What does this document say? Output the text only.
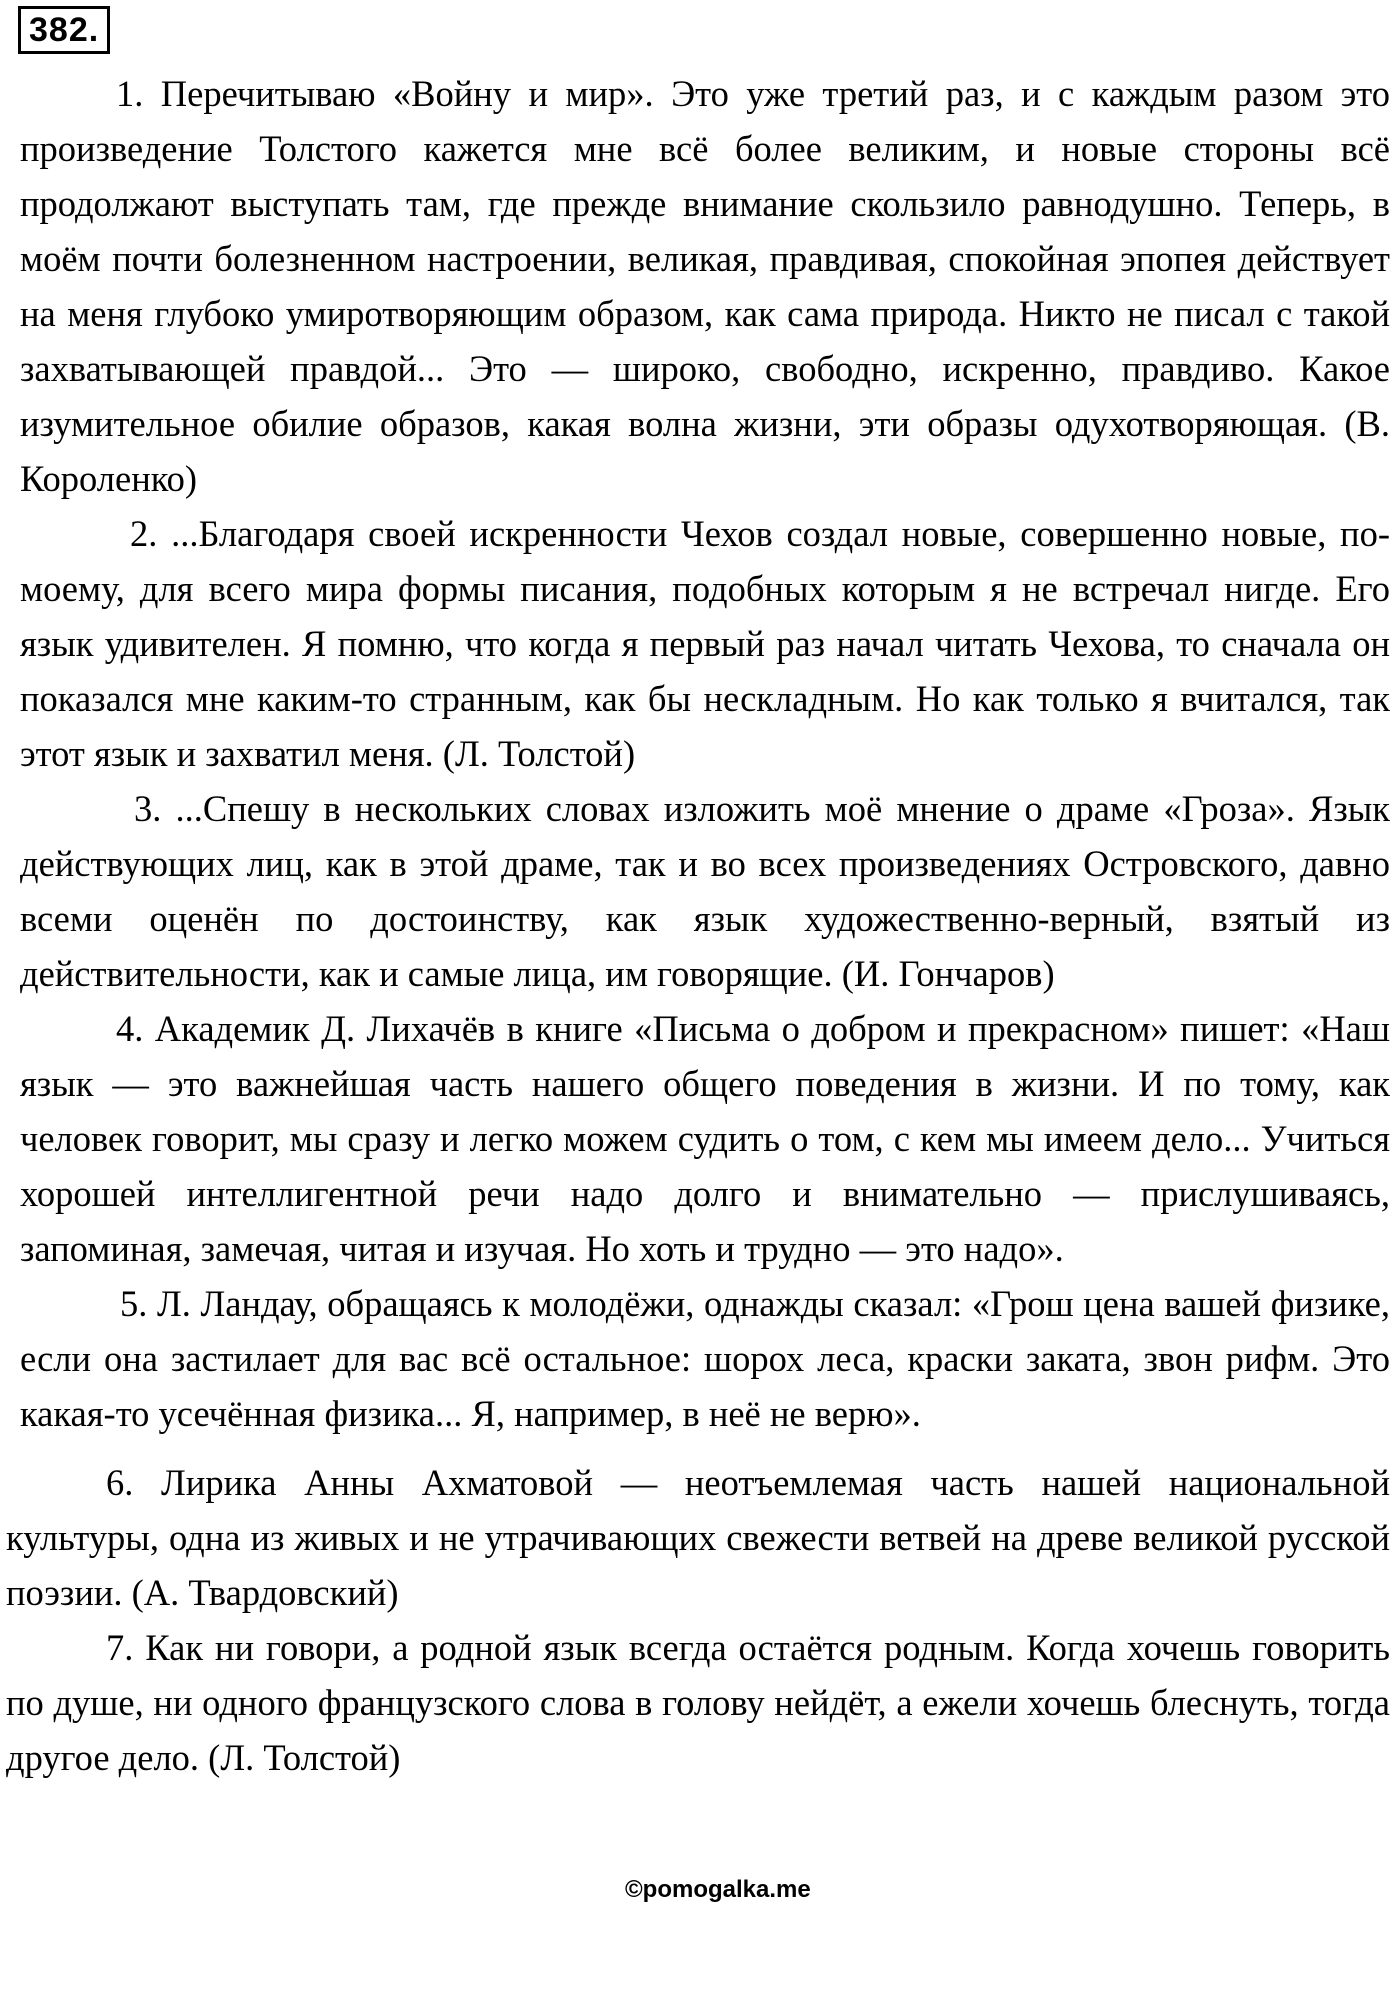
382.

1. Перечитываю «Войну и мир». Это уже третий раз, и с каждым разом это произведение Толстого кажется мне всё более великим, и новые стороны всё продолжают выступать там, где прежде внимание скользило равнодушно. Теперь, в моём почти болезненном настроении, великая, правдивая, спокойная эпопея действует на меня глубоко умиротворяющим образом, как сама природа. Никто не писал с такой захватывающей правдой... Это — широко, свободно, искренно, правдиво. Какое изумительное обилие образов, какая волна жизни, эти образы одухотворяющая. (В. Короленко)

2. ...Благодаря своей искренности Чехов создал новые, совершенно новые, по-моему, для всего мира формы писания, подобных которым я не встречал нигде. Его язык удивителен. Я помню, что когда я первый раз начал читать Чехова, то сначала он показался мне каким-то странным, как бы нескладным. Но как только я вчитался, так этот язык и захватил меня. (Л. Толстой)

3. ...Спешу в нескольких словах изложить моё мнение о драме «Гроза». Язык действующих лиц, как в этой драме, так и во всех произведениях Островского, давно всеми оценён по достоинству, как язык художественно-верный, взятый из действительности, как и самые лица, им говорящие. (И. Гончаров)

4. Академик Д. Лихачёв в книге «Письма о добром и прекрасном» пишет: «Наш язык — это важнейшая часть нашего общего поведения в жизни. И по тому, как человек говорит, мы сразу и легко можем судить о том, с кем мы имеем дело... Учиться хорошей интеллигентной речи надо долго и внимательно — прислушиваясь, запоминая, замечая, читая и изучая. Но хоть и трудно — это надо».

5. Л. Ландау, обращаясь к молодёжи, однажды сказал: «Грош цена вашей физике, если она застилает для вас всё остальное: шорох леса, краски заката, звон рифм. Это какая-то усечённая физика... Я, например, в неё не верю».

6. Лирика Анны Ахматовой — неотъемлемая часть нашей национальной культуры, одна из живых и не утрачивающих свежести ветвей на древе великой русской поэзии. (А. Твардовский)

7. Как ни говори, а родной язык всегда остаётся родным. Когда хочешь говорить по душе, ни одного французского слова в голову нейдёт, а ежели хочешь блеснуть, тогда другое дело. (Л. Толстой)

©pomogalka.me
